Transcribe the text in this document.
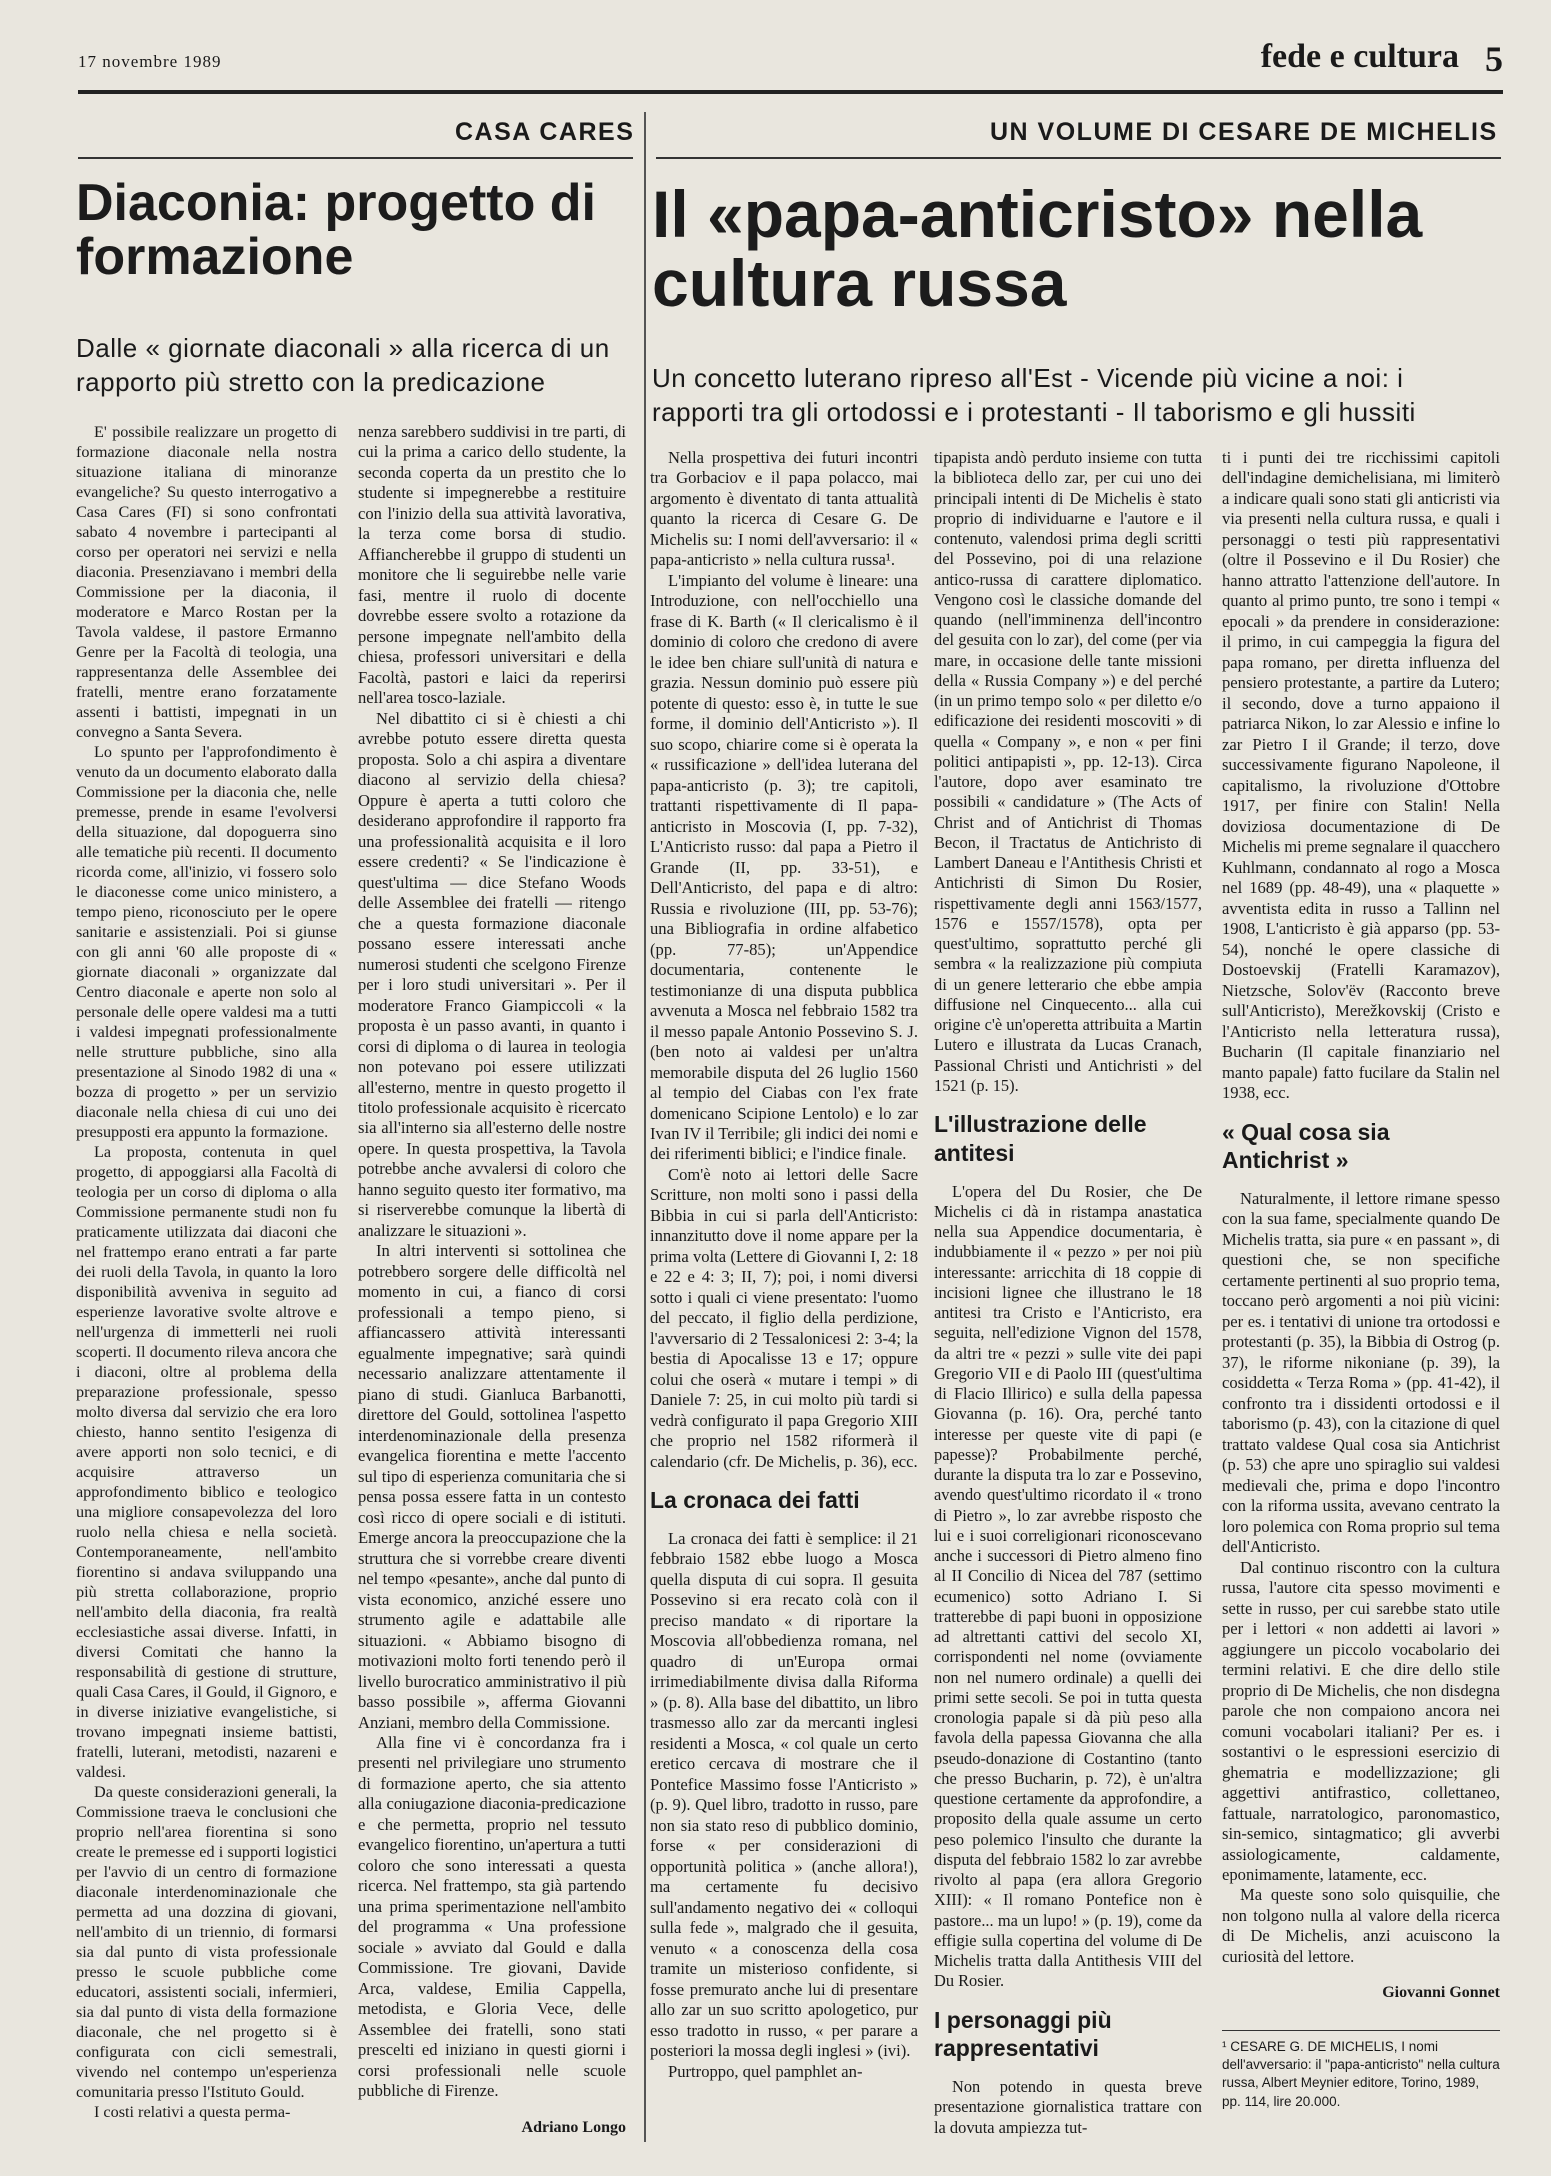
17 novembre 1989	fede e cultura 5
CASA CARES
Diaconia: progetto di formazione

Dalle « giornate diaconali » alla ricerca di un rapporto più stretto con la predicazione

E' possibile realizzare un progetto di formazione diaconale nella nostra situazione italiana di minoranze evangeliche? Su questo interrogativo a Casa Cares (FI) si sono confrontati sabato 4 novembre i partecipanti al corso per operatori nei servizi e nella diaconia. Presenziavano i membri della Commissione per la diaconia, il moderatore e Marco Rostan per la Tavola valdese, il pastore Ermanno Genre per la Facoltà di teologia, una rappresentanza delle Assemblee dei fratelli, mentre erano forzatamente assenti i battisti, impegnati in un convegno a Santa Severa.

Lo spunto per l'approfondimento è venuto da un documento elaborato dalla Commissione per la diaconia che, nelle premesse, prende in esame l'evolversi della situazione, dal dopoguerra sino alle tematiche più recenti. Il documento ricorda come, all'inizio, vi fossero solo le diaconesse come unico ministero, a tempo pieno, riconosciuto per le opere sanitarie e assistenziali. Poi si giunse con gli anni '60 alle proposte di « giornate diaconali » organizzate dal Centro diaconale e aperte non solo al personale delle opere valdesi ma a tutti i valdesi impegnati professionalmente nelle strutture pubbliche, sino alla presentazione al Sinodo 1982 di una « bozza di progetto » per un servizio diaconale nella chiesa di cui uno dei presupposti era appunto la formazione.

La proposta, contenuta in quel progetto, di appoggiarsi alla Facoltà di teologia per un corso di diploma o alla Commissione permanente studi non fu praticamente utilizzata dai diaconi che nel frattempo erano entrati a far parte dei ruoli della Tavola, in quanto la loro disponibilità avveniva in seguito ad esperienze lavorative svolte altrove e nell'urgenza di immetterli nei ruoli scoperti. Il documento rileva ancora che i diaconi, oltre al problema della preparazione professionale, spesso molto diversa dal servizio che era loro chiesto, hanno sentito l'esigenza di avere apporti non solo tecnici, e di acquisire attraverso un approfondimento biblico e teologico una migliore consapevolezza del loro ruolo nella chiesa e nella società. Contemporaneamente, nell'ambito fiorentino si andava sviluppando una più stretta collaborazione, proprio nell'ambito della diaconia, fra realtà ecclesiastiche assai diverse. Infatti, in diversi Comitati che hanno la responsabilità di gestione di strutture, quali Casa Cares, il Gould, il Gignoro, e in diverse iniziative evangelistiche, si trovano impegnati insieme battisti, fratelli, luterani, metodisti, nazareni e valdesi.

Da queste considerazioni generali, la Commissione traeva le conclusioni che proprio nell'area fiorentina si sono create le premesse ed i supporti logistici per l'avvio di un centro di formazione diaconale interdenominazionale che permetta ad una dozzina di giovani, nell'ambito di un triennio, di formarsi sia dal punto di vista professionale presso le scuole pubbliche come educatori, assistenti sociali, infermieri, sia dal punto di vista della formazione diaconale, che nel progetto si è configurata con cicli semestrali, vivendo nel contempo un'esperienza comunitaria presso l'Istituto Gould.

I costi relativi a questa perma-

nenza sarebbero suddivisi in tre parti, di cui la prima a carico dello studente, la seconda coperta da un prestito che lo studente si impegnerebbe a restituire con l'inizio della sua attività lavorativa, la terza come borsa di studio. Affiancherebbe il gruppo di studenti un monitore che li seguirebbe nelle varie fasi, mentre il ruolo di docente dovrebbe essere svolto a rotazione da persone impegnate nell'ambito della chiesa, professori universitari e della Facoltà, pastori e laici da reperirsi nell'area tosco-laziale.

Nel dibattito ci si è chiesti a chi avrebbe potuto essere diretta questa proposta. Solo a chi aspira a diventare diacono al servizio della chiesa? Oppure è aperta a tutti coloro che desiderano approfondire il rapporto fra una professionalità acquisita e il loro essere credenti? « Se l'indicazione è quest'ultima — dice Stefano Woods delle Assemblee dei fratelli — ritengo che a questa formazione diaconale possano essere interessati anche numerosi studenti che scelgono Firenze per i loro studi universitari ». Per il moderatore Franco Giampiccoli « la proposta è un passo avanti, in quanto i corsi di diploma o di laurea in teologia non potevano poi essere utilizzati all'esterno, mentre in questo progetto il titolo professionale acquisito è ricercato sia all'interno sia all'esterno delle nostre opere. In questa prospettiva, la Tavola potrebbe anche avvalersi di coloro che hanno seguito questo iter formativo, ma si riserverebbe comunque la libertà di analizzare le situazioni ».

In altri interventi si sottolinea che potrebbero sorgere delle difficoltà nel momento in cui, a fianco di corsi professionali a tempo pieno, si affiancassero attività interessanti egualmente impegnative; sarà quindi necessario analizzare attentamente il piano di studi. Gianluca Barbanotti, direttore del Gould, sottolinea l'aspetto interdenominazionale della presenza evangelica fiorentina e mette l'accento sul tipo di esperienza comunitaria che si pensa possa essere fatta in un contesto così ricco di opere sociali e di istituti. Emerge ancora la preoccupazione che la struttura che si vorrebbe creare diventi nel tempo «pesante», anche dal punto di vista economico, anziché essere uno strumento agile e adattabile alle situazioni. « Abbiamo bisogno di motivazioni molto forti tenendo però il livello burocratico amministrativo il più basso possibile », afferma Giovanni Anziani, membro della Commissione.

Alla fine vi è concordanza fra i presenti nel privilegiare uno strumento di formazione aperto, che sia attento alla coniugazione diaconia-predicazione e che permetta, proprio nel tessuto evangelico fiorentino, un'apertura a tutti coloro che sono interessati a questa ricerca. Nel frattempo, sta già partendo una prima sperimentazione nell'ambito del programma « Una professione sociale » avviato dal Gould e dalla Commissione. Tre giovani, Davide Arca, valdese, Emilia Cappella, metodista, e Gloria Vece, delle Assemblee dei fratelli, sono stati prescelti ed iniziano in questi giorni i corsi professionali nelle scuole pubbliche di Firenze.

Adriano Longo

UN VOLUME DI CESARE DE MICHELIS
Il «papa-anticristo» nella cultura russa

Un concetto luterano ripreso all'Est - Vicende più vicine a noi: i rapporti tra gli ortodossi e i protestanti - Il taborismo e gli hussiti

Nella prospettiva dei futuri incontri tra Gorbaciov e il papa polacco, mai argomento è diventato di tanta attualità quanto la ricerca di Cesare G. De Michelis su: I nomi dell'avversario: il « papa-anticristo » nella cultura russa¹.

L'impianto del volume è lineare: una Introduzione, con nell'occhiello una frase di K. Barth (« Il clericalismo è il dominio di coloro che credono di avere le idee ben chiare sull'unità di natura e grazia. Nessun dominio può essere più potente di questo: esso è, in tutte le sue forme, il dominio dell'Anticristo »). Il suo scopo, chiarire come si è operata la « russificazione » dell'idea luterana del papa-anticristo (p. 3); tre capitoli, trattanti rispettivamente di Il papa-anticristo in Moscovia (I, pp. 7-32), L'Anticristo russo: dal papa a Pietro il Grande (II, pp. 33-51), e Dell'Anticristo, del papa e di altro: Russia e rivoluzione (III, pp. 53-76); una Bibliografia in ordine alfabetico (pp. 77-85); un'Appendice documentaria, contenente le testimonianze di una disputa pubblica avvenuta a Mosca nel febbraio 1582 tra il messo papale Antonio Possevino S. J. (ben noto ai valdesi per un'altra memorabile disputa del 26 luglio 1560 al tempio del Ciabas con l'ex frate domenicano Scipione Lentolo) e lo zar Ivan IV il Terribile; gli indici dei nomi e dei riferimenti biblici; e l'indice finale.

Com'è noto ai lettori delle Sacre Scritture, non molti sono i passi della Bibbia in cui si parla dell'Anticristo: innanzitutto dove il nome appare per la prima volta (Lettere di Giovanni I, 2: 18 e 22 e 4: 3; II, 7); poi, i nomi diversi sotto i quali ci viene presentato: l'uomo del peccato, il figlio della perdizione, l'avversario di 2 Tessalonicesi 2: 3-4; la bestia di Apocalisse 13 e 17; oppure colui che oserà « mutare i tempi » di Daniele 7: 25, in cui molto più tardi si vedrà configurato il papa Gregorio XIII che proprio nel 1582 riformerà il calendario (cfr. De Michelis, p. 36), ecc.

La cronaca dei fatti

La cronaca dei fatti è semplice: il 21 febbraio 1582 ebbe luogo a Mosca quella disputa di cui sopra. Il gesuita Possevino si era recato colà con il preciso mandato « di riportare la Moscovia all'obbedienza romana, nel quadro di un'Europa ormai irrimediabilmente divisa dalla Riforma » (p. 8). Alla base del dibattito, un libro trasmesso allo zar da mercanti inglesi residenti a Mosca, « col quale un certo eretico cercava di mostrare che il Pontefice Massimo fosse l'Anticristo » (p. 9). Quel libro, tradotto in russo, pare non sia stato reso di pubblico dominio, forse « per considerazioni di opportunità politica » (anche allora!), ma certamente fu decisivo sull'andamento negativo dei « colloqui sulla fede », malgrado che il gesuita, venuto « a conoscenza della cosa tramite un misterioso confidente, si fosse premurato anche lui di presentare allo zar un suo scritto apologetico, pur esso tradotto in russo, « per parare a posteriori la mossa degli inglesi » (ivi).

Purtroppo, quel pamphlet an-

tipapista andò perduto insieme con tutta la biblioteca dello zar, per cui uno dei principali intenti di De Michelis è stato proprio di individuarne e l'autore e il contenuto, valendosi prima degli scritti del Possevino, poi di una relazione antico-russa di carattere diplomatico. Vengono così le classiche domande del quando (nell'imminenza dell'incontro del gesuita con lo zar), del come (per via mare, in occasione delle tante missioni della « Russia Company ») e del perché (in un primo tempo solo « per diletto e/o edificazione dei residenti moscoviti » di quella « Company », e non « per fini politici antipapisti », pp. 12-13). Circa l'autore, dopo aver esaminato tre possibili « candidature » (The Acts of Christ and of Antichrist di Thomas Becon, il Tractatus de Antichristo di Lambert Daneau e l'Antithesis Christi et Antichristi di Simon Du Rosier, rispettivamente degli anni 1563/1577, 1576 e 1557/1578), opta per quest'ultimo, soprattutto perché gli sembra « la realizzazione più compiuta di un genere letterario che ebbe ampia diffusione nel Cinquecento... alla cui origine c'è un'operetta attribuita a Martin Lutero e illustrata da Lucas Cranach, Passional Christi und Antichristi » del 1521 (p. 15).

L'illustrazione delle antitesi

L'opera del Du Rosier, che De Michelis ci dà in ristampa anastatica nella sua Appendice documentaria, è indubbiamente il « pezzo » per noi più interessante: arricchita di 18 coppie di incisioni lignee che illustrano le 18 antitesi tra Cristo e l'Anticristo, era seguita, nell'edizione Vignon del 1578, da altri tre « pezzi » sulle vite dei papi Gregorio VII e di Paolo III (quest'ultima di Flacio Illirico) e sulla della papessa Giovanna (p. 16). Ora, perché tanto interesse per queste vite di papi (e papesse)? Probabilmente perché, durante la disputa tra lo zar e Possevino, avendo quest'ultimo ricordato il « trono di Pietro », lo zar avrebbe risposto che lui e i suoi correligionari riconoscevano anche i successori di Pietro almeno fino al II Concilio di Nicea del 787 (settimo ecumenico) sotto Adriano I. Si tratterebbe di papi buoni in opposizione ad altrettanti cattivi del secolo XI, corrispondenti nel nome (ovviamente non nel numero ordinale) a quelli dei primi sette secoli. Se poi in tutta questa cronologia papale si dà più peso alla favola della papessa Giovanna che alla pseudo-donazione di Costantino (tanto che presso Bucharin, p. 72), è un'altra questione certamente da approfondire, a proposito della quale assume un certo peso polemico l'insulto che durante la disputa del febbraio 1582 lo zar avrebbe rivolto al papa (era allora Gregorio XIII): « Il romano Pontefice non è pastore... ma un lupo! » (p. 19), come da effigie sulla copertina del volume di De Michelis tratta dalla Antithesis VIII del Du Rosier.

I personaggi più rappresentativi

Non potendo in questa breve presentazione giornalistica trattare con la dovuta ampiezza tut-

ti i punti dei tre ricchissimi capitoli dell'indagine demichelisiana, mi limiterò a indicare quali sono stati gli anticristi via via presenti nella cultura russa, e quali i personaggi o testi più rappresentativi (oltre il Possevino e il Du Rosier) che hanno attratto l'attenzione dell'autore. In quanto al primo punto, tre sono i tempi « epocali » da prendere in considerazione: il primo, in cui campeggia la figura del papa romano, per diretta influenza del pensiero protestante, a partire da Lutero; il secondo, dove a turno appaiono il patriarca Nikon, lo zar Alessio e infine lo zar Pietro I il Grande; il terzo, dove successivamente figurano Napoleone, il capitalismo, la rivoluzione d'Ottobre 1917, per finire con Stalin! Nella doviziosa documentazione di De Michelis mi preme segnalare il quacchero Kuhlmann, condannato al rogo a Mosca nel 1689 (pp. 48-49), una « plaquette » avventista edita in russo a Tallinn nel 1908, L'anticristo è già apparso (pp. 53-54), nonché le opere classiche di Dostoevskij (Fratelli Karamazov), Nietzsche, Solov'ëv (Racconto breve sull'Anticristo), Merežkovskij (Cristo e l'Anticristo nella letteratura russa), Bucharin (Il capitale finanziario nel manto papale) fatto fucilare da Stalin nel 1938, ecc.

« Qual cosa sia Antichrist »

Naturalmente, il lettore rimane spesso con la sua fame, specialmente quando De Michelis tratta, sia pure « en passant », di questioni che, se non specifiche certamente pertinenti al suo proprio tema, toccano però argomenti a noi più vicini: per es. i tentativi di unione tra ortodossi e protestanti (p. 35), la Bibbia di Ostrog (p. 37), le riforme nikoniane (p. 39), la cosiddetta « Terza Roma » (pp. 41-42), il confronto tra i dissidenti ortodossi e il taborismo (p. 43), con la citazione di quel trattato valdese Qual cosa sia Antichrist (p. 53) che apre uno spiraglio sui valdesi medievali che, prima e dopo l'incontro con la riforma ussita, avevano centrato la loro polemica con Roma proprio sul tema dell'Anticristo.

Dal continuo riscontro con la cultura russa, l'autore cita spesso movimenti e sette in russo, per cui sarebbe stato utile per i lettori « non addetti ai lavori » aggiungere un piccolo vocabolario dei termini relativi. E che dire dello stile proprio di De Michelis, che non disdegna parole che non compaiono ancora nei comuni vocabolari italiani? Per es. i sostantivi o le espressioni esercizio di ghematria e modellizzazione; gli aggettivi antifrastico, collettaneo, fattuale, narratologico, paronomastico, sin-semico, sintagmatico; gli avverbi assiologicamente, caldamente, eponimamente, latamente, ecc.

Ma queste sono solo quisquilie, che non tolgono nulla al valore della ricerca di De Michelis, anzi acuiscono la curiosità del lettore.

Giovanni Gonnet

¹ CESARE G. DE MICHELIS, I nomi dell'avversario: il "papa-anticristo" nella cultura russa, Albert Meynier editore, Torino, 1989, pp. 114, lire 20.000.
